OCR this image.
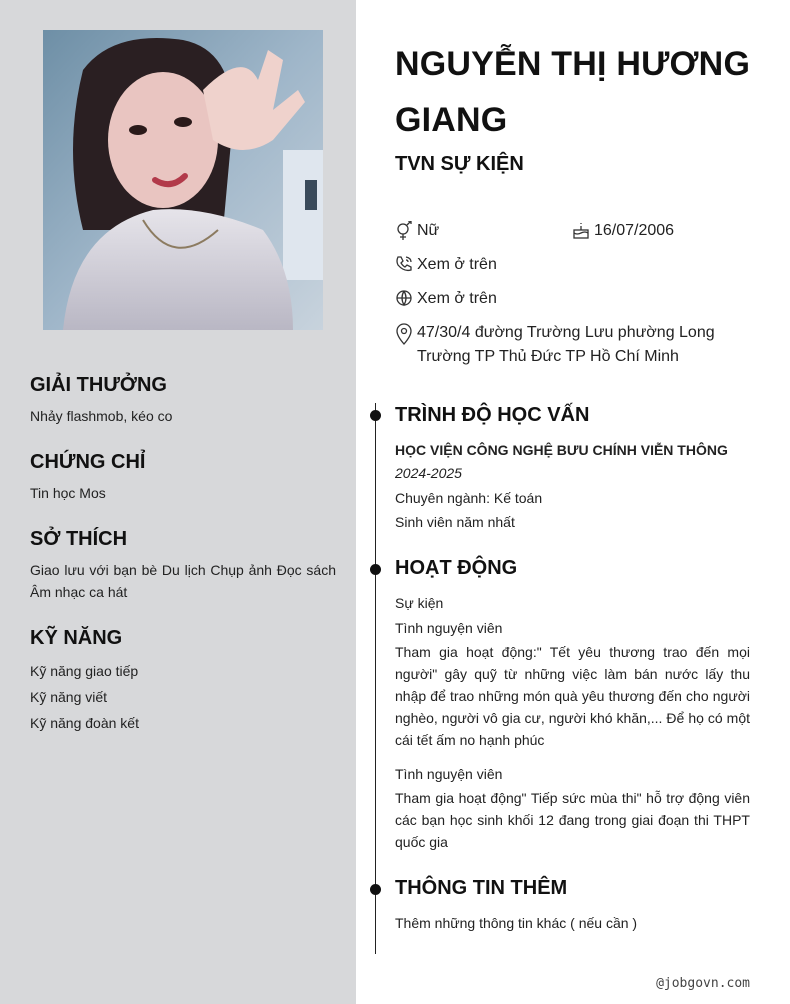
GIẢI THƯỞNG

Nhảy flashmob, kéo co

CHỨNG CHỈ

Tin học Mos

SỞ THÍCH

Giao lưu với bạn bè Du lịch Chụp ảnh Đọc sách Âm nhạc ca hát

KỸ NĂNG

Kỹ năng giao tiếp

Kỹ năng viết

Kỹ năng đoàn kết

NGUYỄN THỊ HƯƠNG GIANG
TVN SỰ KIỆN
Nữ	16/07/2006
Xem ở trên
Xem ở trên
47/30/4 đường Trường Lưu phường Long Trường TP Thủ Đức TP Hồ Chí Minh
TRÌNH ĐỘ HỌC VẤN

HỌC VIỆN CÔNG NGHỆ BƯU CHÍNH VIỄN THÔNG

2024-2025

Chuyên ngành: Kế toán

Sinh viên năm nhất

HOẠT ĐỘNG

Sự kiện

Tình nguyện viên

Tham gia hoạt động:" Tết yêu thương trao đến mọi người" gây quỹ từ những việc làm bán nước lấy thu nhập để trao những món quà yêu thương đến cho người nghèo, người vô gia cư, người khó khăn,... Để họ có một cái tết ấm no hạnh phúc

Tình nguyện viên

Tham gia hoạt động" Tiếp sức mùa thi" hỗ trợ động viên các bạn học sinh khối 12 đang trong giai đoạn thi THPT quốc gia

THÔNG TIN THÊM

Thêm những thông tin khác ( nếu cần )

@jobgovn.com
